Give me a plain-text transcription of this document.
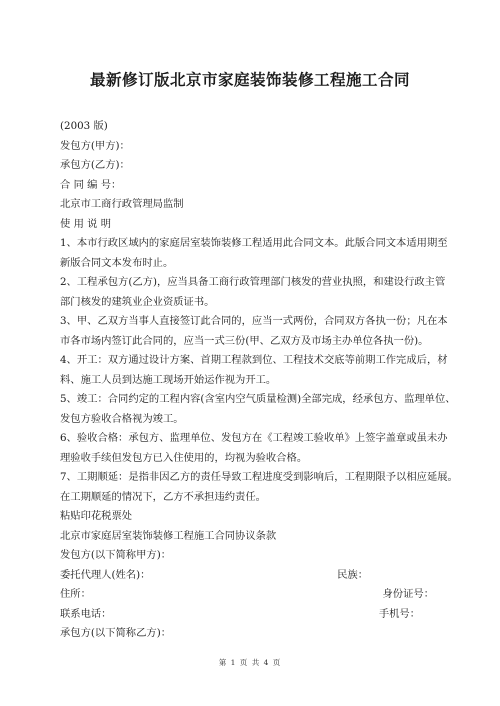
最新修订版北京市家庭装饰装修工程施工合同
(2003 版)
发包方(甲方)：
承包方(乙方)：
合 同 编 号：
北京市工商行政管理局监制
使 用 说 明
1、本市行政区域内的家庭居室装饰装修工程适用此合同文本。此版合同文本适用期至
新版合同文本发布时止。
2、工程承包方(乙方)，应当具备工商行政管理部门核发的营业执照，和建设行政主管
部门核发的建筑业企业资质证书。
3、甲、乙双方当事人直接签订此合同的，应当一式两份，合同双方各执一份；凡在本
市各市场内签订此合同的，应当一式三份(甲、乙双方及市场主办单位各执一份)。
4、开工：双方通过设计方案、首期工程款到位、工程技术交底等前期工作完成后，材
料、施工人员到达施工现场开始运作视为开工。
5、竣工：合同约定的工程内容(含室内空气质量检测)全部完成，经承包方、监理单位、
发包方验收合格视为竣工。
6、验收合格：承包方、监理单位、发包方在《工程竣工验收单》上签字盖章或虽未办
理验收手续但发包方已入住使用的，均视为验收合格。
7、工期顺延：是指非因乙方的责任导致工程进度受到影响后，工程期限予以相应延展。
在工期顺延的情况下，乙方不承担违约责任。
粘贴印花税票处
北京市家庭居室装饰装修工程施工合同协议条款
发包方(以下简称甲方)：
委托代理人(姓名)：	民族：
住所：	身份证号：
联系电话：	手机号：
承包方(以下简称乙方)：
第 1 页 共 4 页
